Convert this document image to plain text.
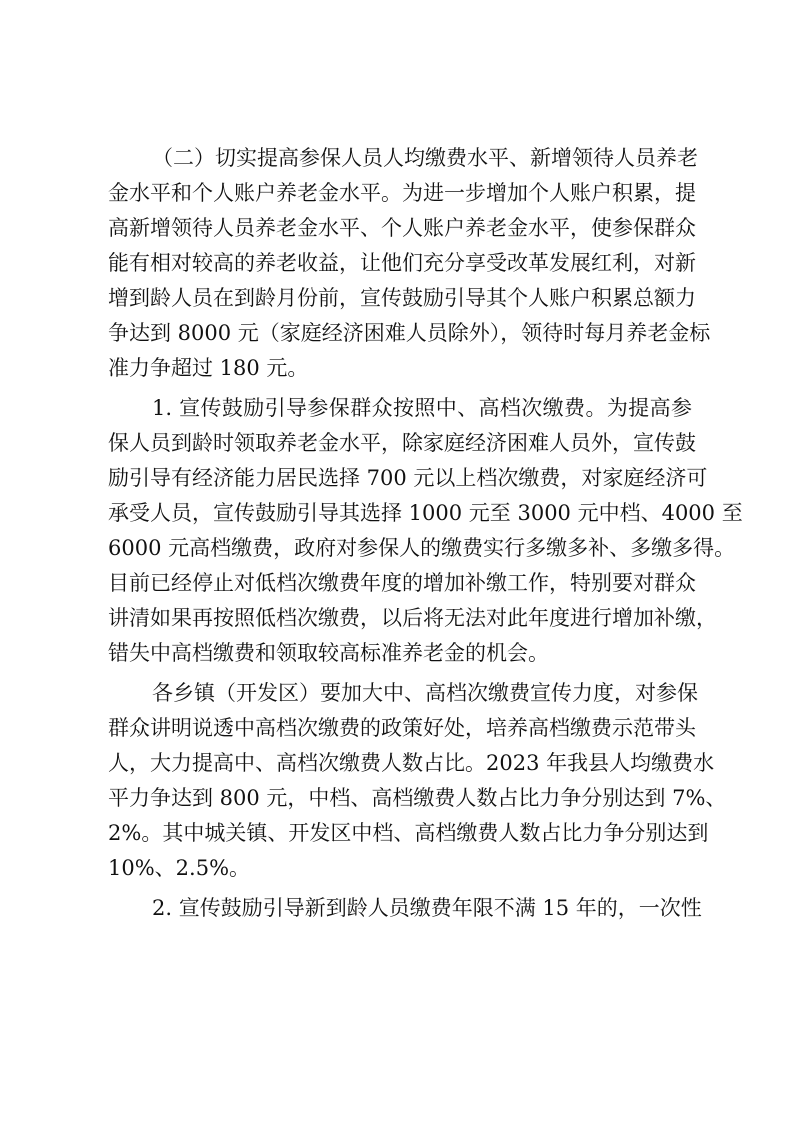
（二）切实提高参保人员人均缴费水平、新增领待人员养老
金水平和个人账户养老金水平。为进一步增加个人账户积累，提
高新增领待人员养老金水平、个人账户养老金水平，使参保群众
能有相对较高的养老收益，让他们充分享受改革发展红利，对新
增到龄人员在到龄月份前，宣传鼓励引导其个人账户积累总额力
争达到 8000 元（家庭经济困难人员除外），领待时每月养老金标
准力争超过 180 元。
1. 宣传鼓励引导参保群众按照中、高档次缴费。为提高参
保人员到龄时领取养老金水平，除家庭经济困难人员外，宣传鼓
励引导有经济能力居民选择 700 元以上档次缴费，对家庭经济可
承受人员，宣传鼓励引导其选择 1000 元至 3000 元中档、4000 至
6000 元高档缴费，政府对参保人的缴费实行多缴多补、多缴多得。
目前已经停止对低档次缴费年度的增加补缴工作，特别要对群众
讲清如果再按照低档次缴费，以后将无法对此年度进行增加补缴，
错失中高档缴费和领取较高标准养老金的机会。
各乡镇（开发区）要加大中、高档次缴费宣传力度，对参保
群众讲明说透中高档次缴费的政策好处，培养高档缴费示范带头
人，大力提高中、高档次缴费人数占比。2023 年我县人均缴费水
平力争达到 800 元，中档、高档缴费人数占比力争分别达到 7%、
2%。其中城关镇、开发区中档、高档缴费人数占比力争分别达到
10%、2.5%。
2. 宣传鼓励引导新到龄人员缴费年限不满 15 年的，一次性
